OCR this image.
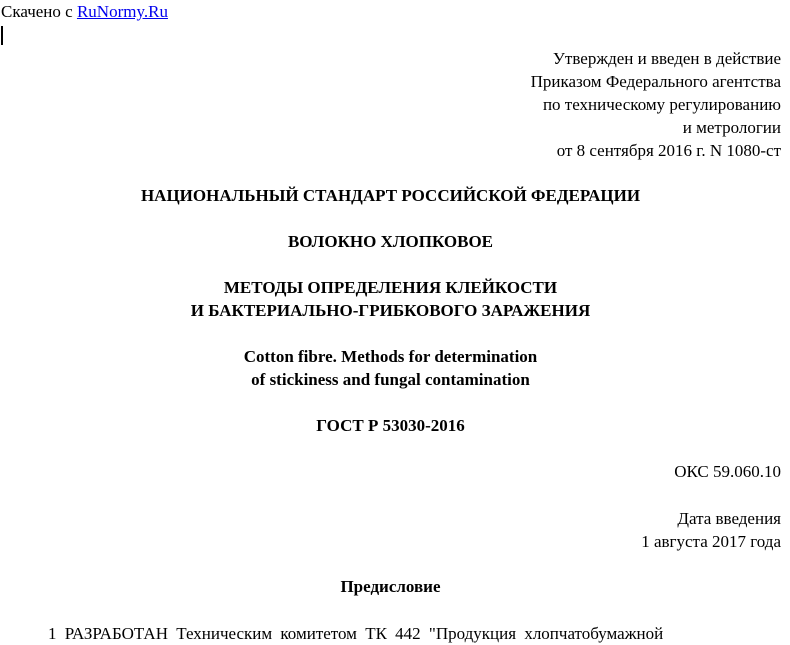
Скачено с RuNormy.Ru
Утвержден и введен в действие
Приказом Федерального агентства
по техническому регулированию
и метрологии
от 8 сентября 2016 г. N 1080-ст
НАЦИОНАЛЬНЫЙ СТАНДАРТ РОССИЙСКОЙ ФЕДЕРАЦИИ
ВОЛОКНО ХЛОПКОВОЕ
МЕТОДЫ ОПРЕДЕЛЕНИЯ КЛЕЙКОСТИ
И БАКТЕРИАЛЬНО-ГРИБКОВОГО ЗАРАЖЕНИЯ
Cotton fibre. Methods for determination
of stickiness and fungal contamination
ГОСТ Р 53030-2016
ОКС 59.060.10
Дата введения
1 августа 2017 года
Предисловие
1 РАЗРАБОТАН Техническим комитетом ТК 442 "Продукция хлопчатобумажной
